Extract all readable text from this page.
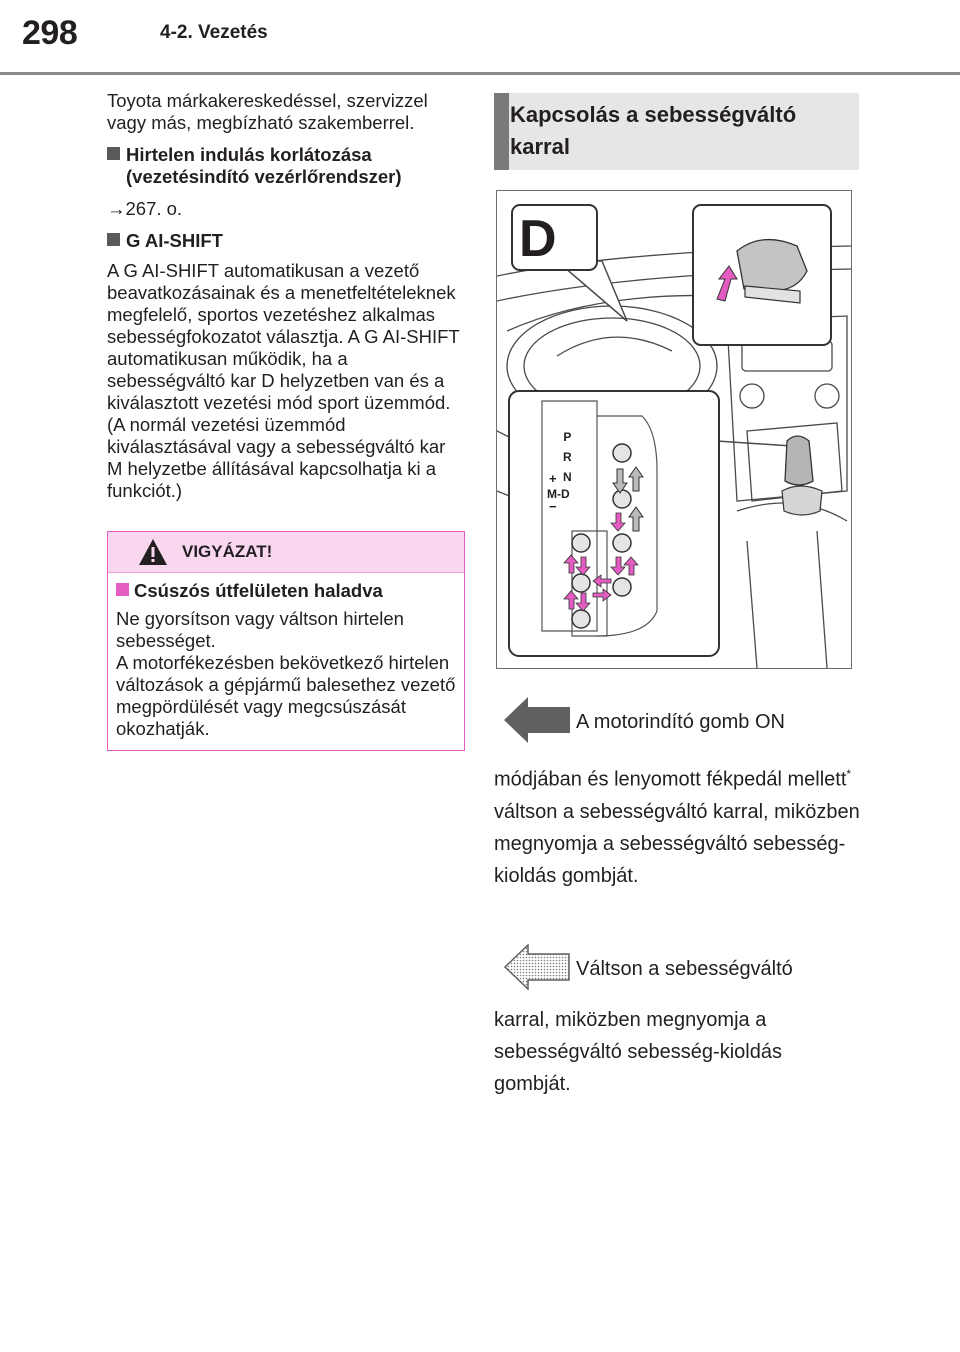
298	4-2. Vezetés

Toyota márkakereskedéssel, szervizzel vagy más, megbízható szakemberrel.

Hirtelen indulás korlátozása (vezetésindító vezérlőrendszer)

→267. o.

G AI-SHIFT

A G AI-SHIFT automatikusan a vezető beavatkozásainak és a menetfeltételeknek megfelelő, sportos vezetéshez alkalmas sebességfokozatot választja. A G AI-SHIFT automatikusan működik, ha a sebességváltó kar D helyzetben van és a kiválasztott vezetési mód sport üzemmód. (A normál vezetési üzemmód kiválasztásával vagy a sebességváltó kar M helyzetbe állításával kapcsolhatja ki a funkciót.)

VIGYÁZAT!

Csúszós útfelületen haladva

Ne gyorsítson vagy váltson hirtelen sebességet.

A motorfékezésben bekövetkező hirtelen változások a gépjármű balesethez vezető megpördülését vagy megcsúszását okozhatják.

Kapcsolás a sebességváltó karral
D
P
R
N
M-D
+
−
A motorindító gomb ON

módjában és lenyomott fékpedál mellett* váltson a sebességváltó karral, miközben megnyomja a sebességváltó sebesség-kioldás gombját.

Váltson a sebességváltó
karral, miközben megnyomja a sebességváltó sebesség-kioldás gombját.
